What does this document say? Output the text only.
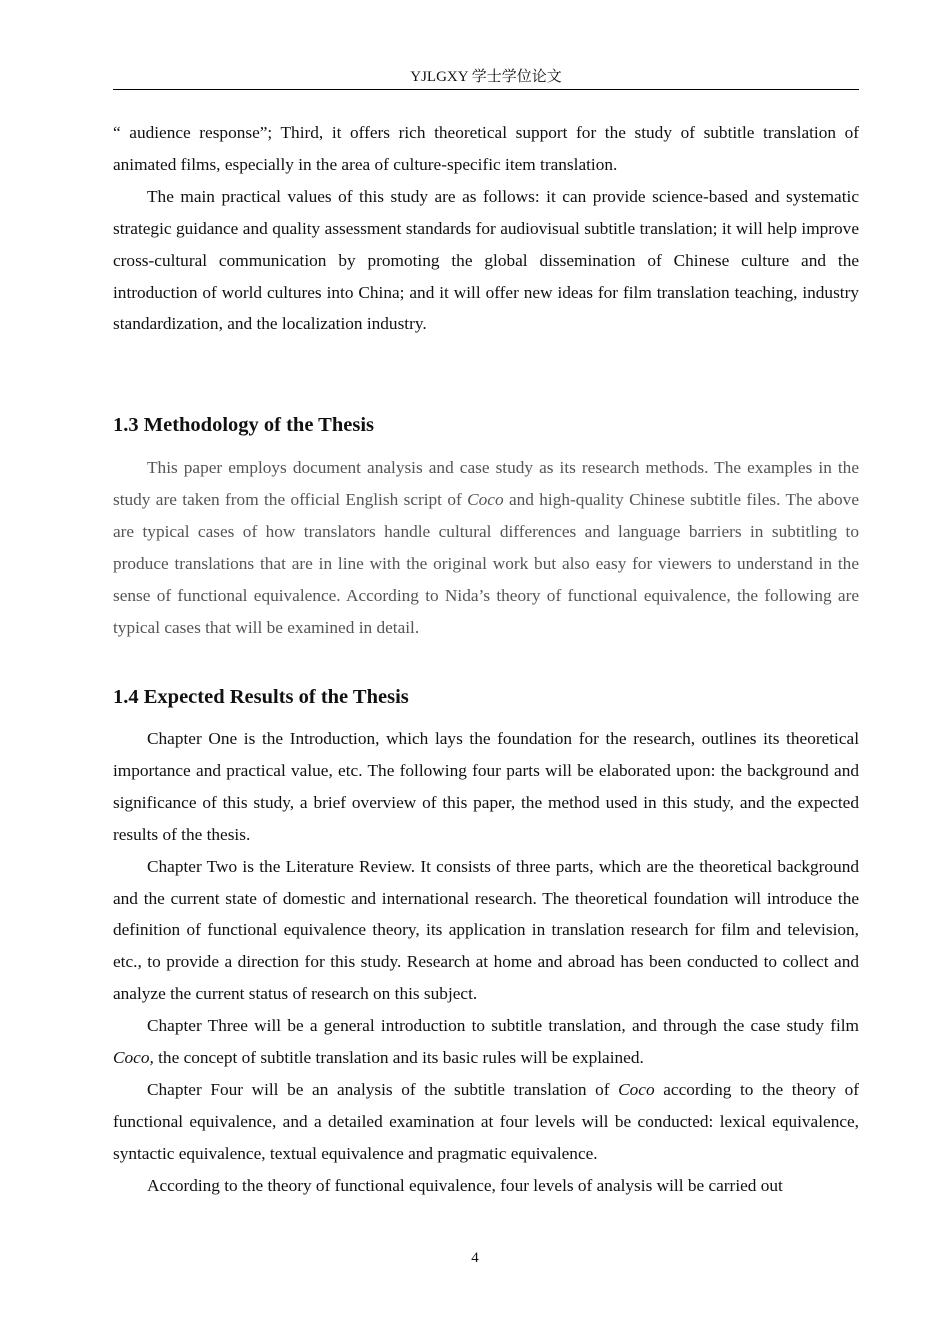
YJLGXY 学士学位论文

“ audience response”; Third, it offers rich theoretical support for the study of subtitle translation of animated films, especially in the area of culture-specific item translation.

The main practical values of this study are as follows: it can provide science-based and systematic strategic guidance and quality assessment standards for audiovisual subtitle translation; it will help improve cross-cultural communication by promoting the global dissemination of Chinese culture and the introduction of world cultures into China; and it will offer new ideas for film translation teaching, industry standardization, and the localization industry.

1.3 Methodology of the Thesis

This paper employs document analysis and case study as its research methods. The examples in the study are taken from the official English script of Coco and high-quality Chinese subtitle files. The above are typical cases of how translators handle cultural differences and language barriers in subtitling to produce translations that are in line with the original work but also easy for viewers to understand in the sense of functional equivalence. According to Nida’s theory of functional equivalence, the following are typical cases that will be examined in detail.

1.4 Expected Results of the Thesis

Chapter One is the Introduction, which lays the foundation for the research, outlines its theoretical importance and practical value, etc. The following four parts will be elaborated upon: the background and significance of this study, a brief overview of this paper, the method used in this study, and the expected results of the thesis.

Chapter Two is the Literature Review. It consists of three parts, which are the theoretical background and the current state of domestic and international research. The theoretical foundation will introduce the definition of functional equivalence theory, its application in translation research for film and television, etc., to provide a direction for this study. Research at home and abroad has been conducted to collect and analyze the current status of research on this subject.

Chapter Three will be a general introduction to subtitle translation, and through the case study film Coco, the concept of subtitle translation and its basic rules will be explained.

Chapter Four will be an analysis of the subtitle translation of Coco according to the theory of functional equivalence, and a detailed examination at four levels will be conducted: lexical equivalence, syntactic equivalence, textual equivalence and pragmatic equivalence.

According to the theory of functional equivalence, four levels of analysis will be carried out

4
